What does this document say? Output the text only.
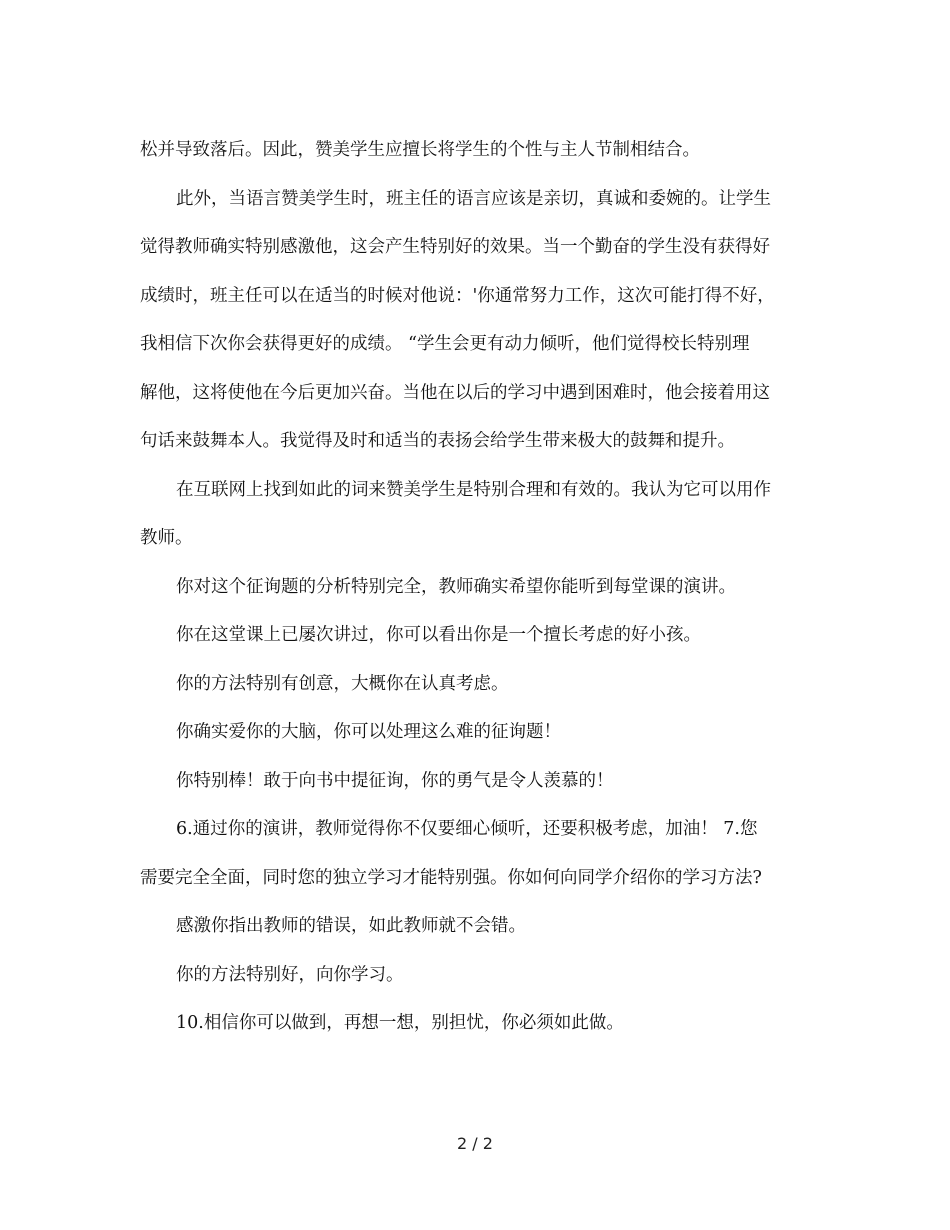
松并导致落后。因此，赞美学生应擅长将学生的个性与主人节制相结合。

此外，当语言赞美学生时，班主任的语言应该是亲切，真诚和委婉的。让学生

觉得教师确实特别感激他，这会产生特别好的效果。当一个勤奋的学生没有获得好

成绩时，班主任可以在适当的时候对他说：'你通常努力工作，这次可能打得不好，

我相信下次你会获得更好的成绩。 “学生会更有动力倾听，他们觉得校长特别理

解他，这将使他在今后更加兴奋。当他在以后的学习中遇到困难时，他会接着用这

句话来鼓舞本人。我觉得及时和适当的表扬会给学生带来极大的鼓舞和提升。

在互联网上找到如此的词来赞美学生是特别合理和有效的。我认为它可以用作

教师。

你对这个征询题的分析特别完全，教师确实希望你能听到每堂课的演讲。

你在这堂课上已屡次讲过，你可以看出你是一个擅长考虑的好小孩。

你的方法特别有创意，大概你在认真考虑。

你确实爱你的大脑，你可以处理这么难的征询题！

你特别棒！敢于向书中提征询，你的勇气是令人羡慕的！

6.通过你的演讲，教师觉得你不仅要细心倾听，还要积极考虑，加油！ 7.您

需要完全全面，同时您的独立学习才能特别强。你如何向同学介绍你的学习方法?

感激你指出教师的错误，如此教师就不会错。

你的方法特别好，向你学习。

10.相信你可以做到，再想一想，别担忧，你必须如此做。

2 / 2
